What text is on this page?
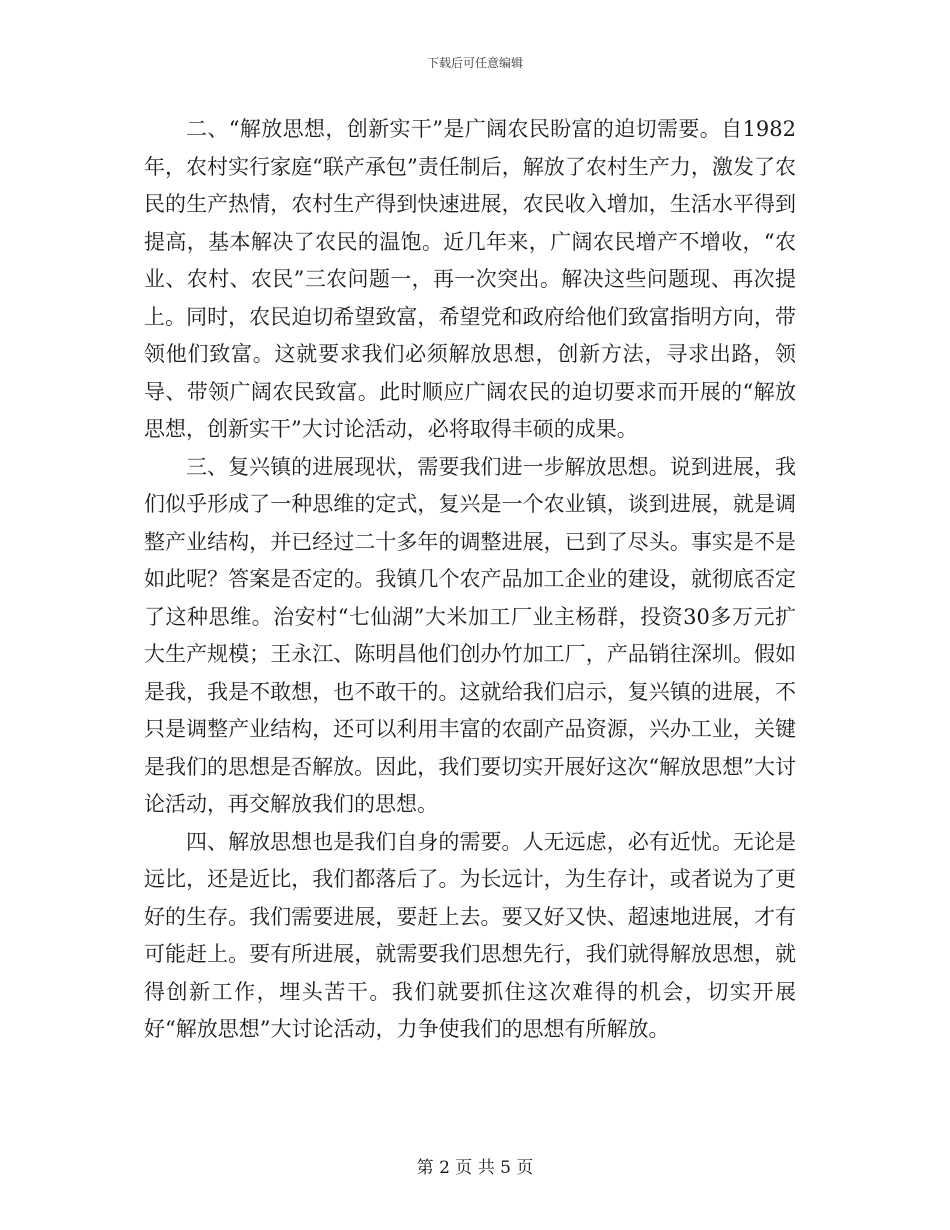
下载后可任意编辑

二、“解放思想，创新实干”是广阔农民盼富的迫切需要。自1982年，农村实行家庭“联产承包”责任制后，解放了农村生产力，激发了农民的生产热情，农村生产得到快速进展，农民收入增加，生活水平得到提高，基本解决了农民的温饱。近几年来，广阔农民增产不增收，“农业、农村、农民”三农问题一，再一次突出。解决这些问题现、再次提上。同时，农民迫切希望致富，希望党和政府给他们致富指明方向，带领他们致富。这就要求我们必须解放思想，创新方法，寻求出路，领导、带领广阔农民致富。此时顺应广阔农民的迫切要求而开展的“解放思想，创新实干”大讨论活动，必将取得丰硕的成果。

三、复兴镇的进展现状，需要我们进一步解放思想。说到进展，我们似乎形成了一种思维的定式，复兴是一个农业镇，谈到进展，就是调整产业结构，并已经过二十多年的调整进展，已到了尽头。事实是不是如此呢？答案是否定的。我镇几个农产品加工企业的建设，就彻底否定了这种思维。治安村“七仙湖”大米加工厂业主杨群，投资30多万元扩大生产规模；王永江、陈明昌他们创办竹加工厂，产品销往深圳。假如是我，我是不敢想，也不敢干的。这就给我们启示，复兴镇的进展，不只是调整产业结构，还可以利用丰富的农副产品资源，兴办工业，关键是我们的思想是否解放。因此，我们要切实开展好这次“解放思想”大讨论活动，再交解放我们的思想。

四、解放思想也是我们自身的需要。人无远虑，必有近忧。无论是远比，还是近比，我们都落后了。为长远计，为生存计，或者说为了更好的生存。我们需要进展，要赶上去。要又好又快、超速地进展，才有可能赶上。要有所进展，就需要我们思想先行，我们就得解放思想，就得创新工作，埋头苦干。我们就要抓住这次难得的机会，切实开展好“解放思想”大讨论活动，力争使我们的思想有所解放。

第 2 页 共 5 页
